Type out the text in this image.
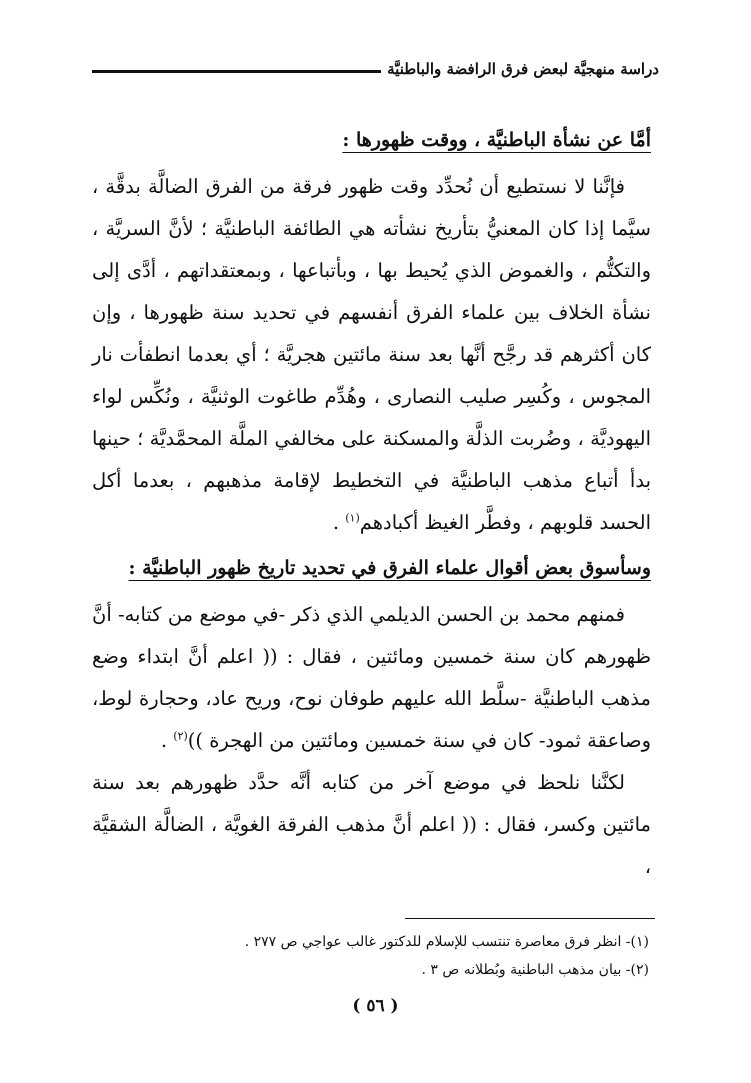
دراسة منهجيَّة لبعض فرق الرافضة والباطنيَّة
أمَّا عن نشأة الباطنيَّة ، ووقت ظهورها :

فإنَّنا لا نستطيع أن نُحدِّد وقت ظهور فرقة من الفرق الضالَّة بدقَّة ، سيَّما إذا كان المعنيُّ بتأريخ نشأته هي الطائفة الباطنيَّة ؛ لأنَّ السريَّة ، والتكتُّم ، والغموض الذي يُحيط بها ، وبأتباعها ، وبمعتقداتهم ، أدَّى إلى نشأة الخلاف بين علماء الفرق أنفسهم في تحديد سنة ظهورها ، وإن كان أكثرهم قد رجَّح أنَّها بعد سنة مائتين هجريَّة ؛ أي بعدما انطفأت نار المجوس ، وكُسِر صليب النصارى ، وهُدِّم طاغوت الوثنيَّة ، ونُكِّس لواء اليهوديَّة ، وضُربت الذلَّة والمسكنة على مخالفي الملَّة المحمَّديَّة ؛ حينها بدأ أتباع مذهب الباطنيَّة في التخطيط لإقامة مذهبهم ، بعدما أكل الحسد قلوبهم ، وفطَّر الغيظ أكبادهم$^{(١)}$ .

وسأسوق بعض أقوال علماء الفرق في تحديد تاريخ ظهور الباطنيَّة :

فمنهم محمد بن الحسن الديلمي الذي ذكر -في موضع من كتابه- أنَّ ظهورهم كان سنة خمسين ومائتين ، فقال : (( اعلم أنَّ ابتداء وضع مذهب الباطنيَّة -سلَّط الله عليهم طوفان نوح، وريح عاد، وحجارة لوط، وصاعقة ثمود- كان في سنة خمسين ومائتين من الهجرة ))$^{(٢)}$ .

لكنَّنا نلحظ في موضع آخر من كتابه أنَّه حدَّد ظهورهم بعد سنة مائتين وكسر، فقال : (( اعلم أنَّ مذهب الفرقة الغويَّة ، الضالَّة الشقيَّة ،

(١)- انظر فرق معاصرة تنتسب للإسلام للدكتور غالب عواجي ص ٢٧٧ .

(٢)- بيان مذهب الباطنية وبُطلانه ص ٣ .

( ٥٦ )
